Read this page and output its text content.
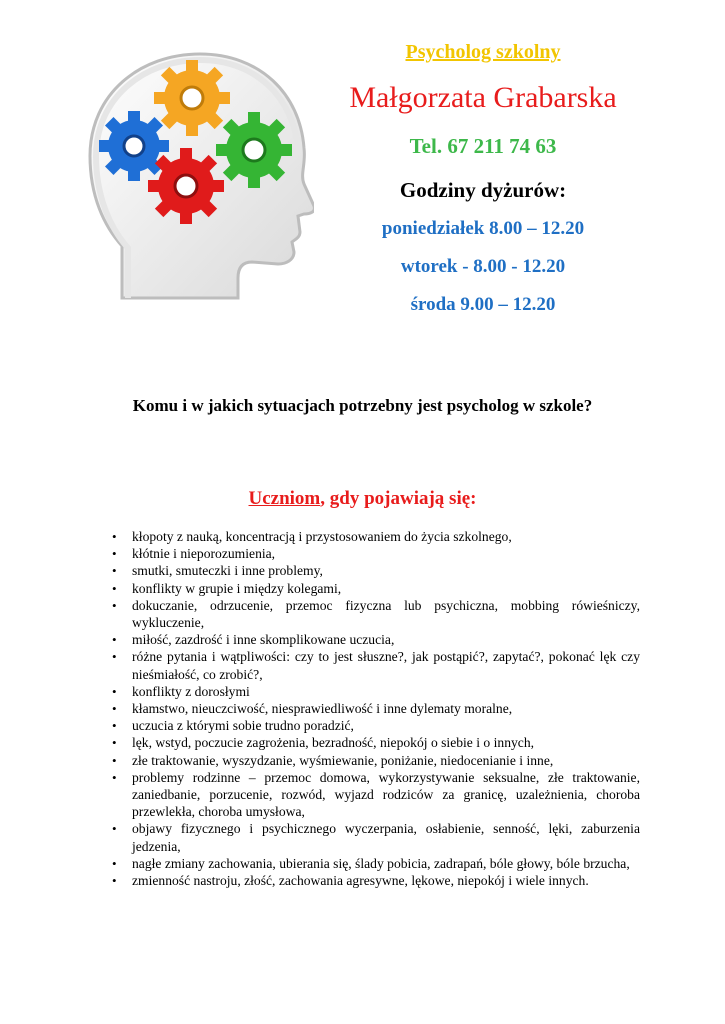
Psycholog szkolny
Małgorzata Grabarska
Tel. 67 211 74 63
Godziny dyżurów:
poniedziałek 8.00 – 12.20
wtorek - 8.00 - 12.20
środa 9.00 – 12.20
Komu i w jakich sytuacjach potrzebny jest psycholog w szkole?
Uczniom, gdy pojawiają się:
• kłopoty z nauką, koncentracją i przystosowaniem do życia szkolnego,
• kłótnie i nieporozumienia,
• smutki, smuteczki i inne problemy,
• konflikty w grupie i między kolegami,
• dokuczanie, odrzucenie, przemoc fizyczna lub psychiczna, mobbing rówieśniczy, wykluczenie,
• miłość, zazdrość i inne skomplikowane uczucia,
• różne pytania i wątpliwości: czy to jest słuszne?, jak postąpić?, zapytać?, pokonać lęk czy nieśmiałość, co zrobić?,
• konflikty z dorosłymi
• kłamstwo, nieuczciwość, niesprawiedliwość i inne dylematy moralne,
• uczucia z którymi sobie trudno poradzić,
• lęk, wstyd, poczucie zagrożenia, bezradność, niepokój o siebie i o innych,
• złe traktowanie, wyszydzanie, wyśmiewanie, poniżanie, niedocenianie i inne,
• problemy rodzinne – przemoc domowa, wykorzystywanie seksualne, złe traktowanie, zaniedbanie, porzucenie, rozwód, wyjazd rodziców za granicę, uzależnienia, choroba przewlekła, choroba umysłowa,
• objawy fizycznego i psychicznego wyczerpania, osłabienie, senność, lęki, zaburzenia jedzenia,
• nagłe zmiany zachowania, ubierania się, ślady pobicia, zadrapań, bóle głowy, bóle brzucha,
• zmienność nastroju, złość, zachowania agresywne, lękowe, niepokój i wiele innych.
